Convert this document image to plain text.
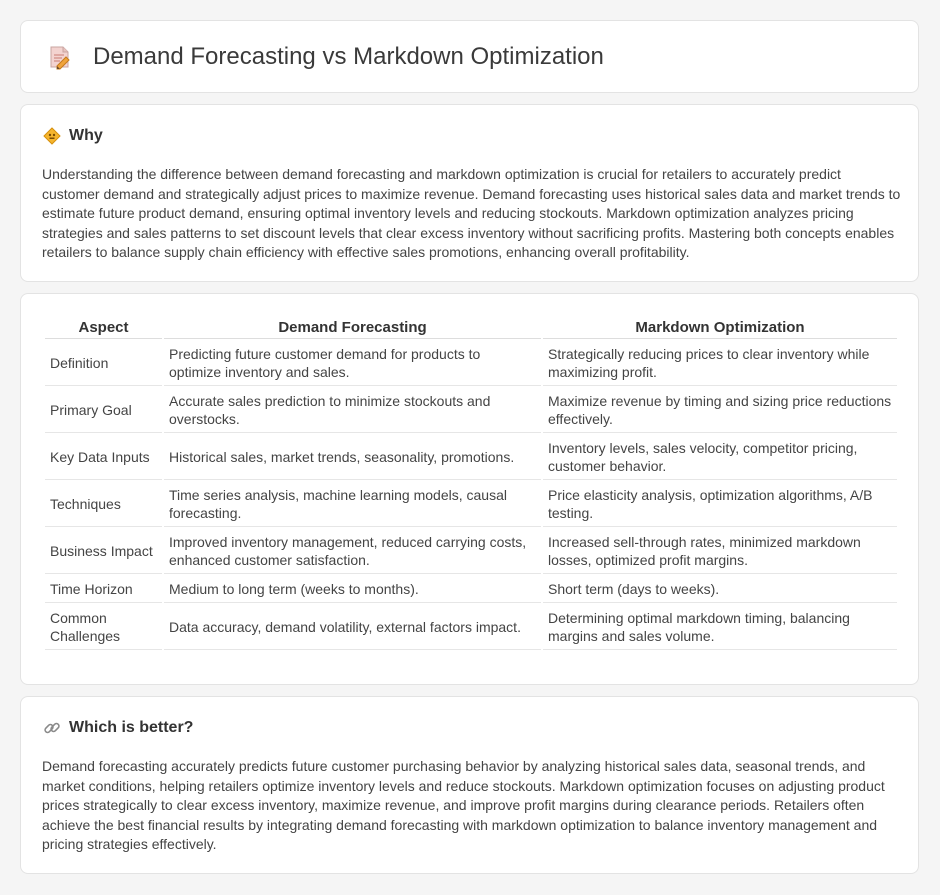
Demand Forecasting vs Markdown Optimization
Why

Understanding the difference between demand forecasting and markdown optimization is crucial for retailers to accurately predict customer demand and strategically adjust prices to maximize revenue. Demand forecasting uses historical sales data and market trends to estimate future product demand, ensuring optimal inventory levels and reducing stockouts. Markdown optimization analyzes pricing strategies and sales patterns to set discount levels that clear excess inventory without sacrificing profits. Mastering both concepts enables retailers to balance supply chain efficiency with effective sales promotions, enhancing overall profitability.

Aspect	Demand Forecasting	Markdown Optimization
Definition	Predicting future customer demand for products to optimize inventory and sales.	Strategically reducing prices to clear inventory while maximizing profit.
Primary Goal	Accurate sales prediction to minimize stockouts and overstocks.	Maximize revenue by timing and sizing price reductions effectively.
Key Data Inputs	Historical sales, market trends, seasonality, promotions.	Inventory levels, sales velocity, competitor pricing, customer behavior.
Techniques	Time series analysis, machine learning models, causal forecasting.	Price elasticity analysis, optimization algorithms, A/B testing.
Business Impact	Improved inventory management, reduced carrying costs, enhanced customer satisfaction.	Increased sell-through rates, minimized markdown losses, optimized profit margins.
Time Horizon	Medium to long term (weeks to months).	Short term (days to weeks).
Common Challenges	Data accuracy, demand volatility, external factors impact.	Determining optimal markdown timing, balancing margins and sales volume.
Which is better?

Demand forecasting accurately predicts future customer purchasing behavior by analyzing historical sales data, seasonal trends, and market conditions, helping retailers optimize inventory levels and reduce stockouts. Markdown optimization focuses on adjusting product prices strategically to clear excess inventory, maximize revenue, and improve profit margins during clearance periods. Retailers often achieve the best financial results by integrating demand forecasting with markdown optimization to balance inventory management and pricing strategies effectively.
